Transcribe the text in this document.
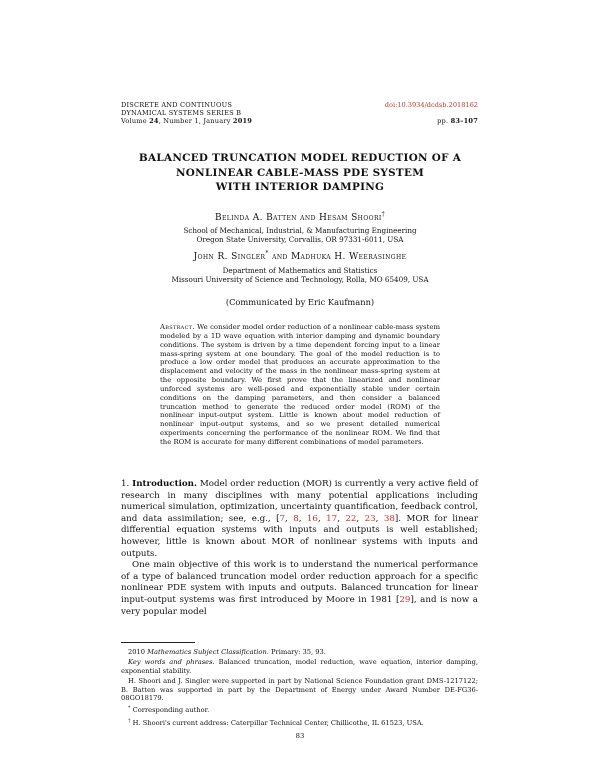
DISCRETE AND CONTINUOUS
DYNAMICAL SYSTEMS SERIES B
Volume 24, Number 1, January 2019
doi:10.3934/dcdsb.2018162
pp. 83–107
BALANCED TRUNCATION MODEL REDUCTION OF A
NONLINEAR CABLE-MASS PDE SYSTEM
WITH INTERIOR DAMPING
Belinda A. Batten and Hesam Shoori†
School of Mechanical, Industrial, & Manufacturing Engineering
Oregon State University, Corvallis, OR 97331-6011, USA
John R. Singler* and Madhuka H. Weerasinghe
Department of Mathematics and Statistics
Missouri University of Science and Technology, Rolla, MO 65409, USA
(Communicated by Eric Kaufmann)
Abstract. We consider model order reduction of a nonlinear cable-mass system modeled by a 1D wave equation with interior damping and dynamic boundary conditions. The system is driven by a time dependent forcing input to a linear mass-spring system at one boundary. The goal of the model reduction is to produce a low order model that produces an accurate approximation to the displacement and velocity of the mass in the nonlinear mass-spring system at the opposite boundary. We first prove that the linearized and nonlinear unforced systems are well-posed and exponentially stable under certain conditions on the damping parameters, and then consider a balanced truncation method to generate the reduced order model (ROM) of the nonlinear input-output system. Little is known about model reduction of nonlinear input-output systems, and so we present detailed numerical experiments concerning the performance of the nonlinear ROM. We find that the ROM is accurate for many different combinations of model parameters.

1. Introduction. Model order reduction (MOR) is currently a very active field of research in many disciplines with many potential applications including numerical simulation, optimization, uncertainty quantification, feedback control, and data assimilation; see, e.g., [7, 8, 16, 17, 22, 23, 38]. MOR for linear differential equation systems with inputs and outputs is well established; however, little is known about MOR of nonlinear systems with inputs and outputs.

One main objective of this work is to understand the numerical performance of a type of balanced truncation model order reduction approach for a specific nonlinear PDE system with inputs and outputs. Balanced truncation for linear input-output systems was first introduced by Moore in 1981 [29], and is now a very popular model

2010 Mathematics Subject Classification. Primary: 35, 93.

Key words and phrases. Balanced truncation, model reduction, wave equation, interior damping, exponential stability.

H. Shoori and J. Singler were supported in part by National Science Foundation grant DMS-1217122; B. Batten was supported in part by the Department of Energy under Award Number DE-FG36-08GO18179.

* Corresponding author.

† H. Shoori's current address: Caterpillar Technical Center, Chillicothe, IL 61523, USA.

83
